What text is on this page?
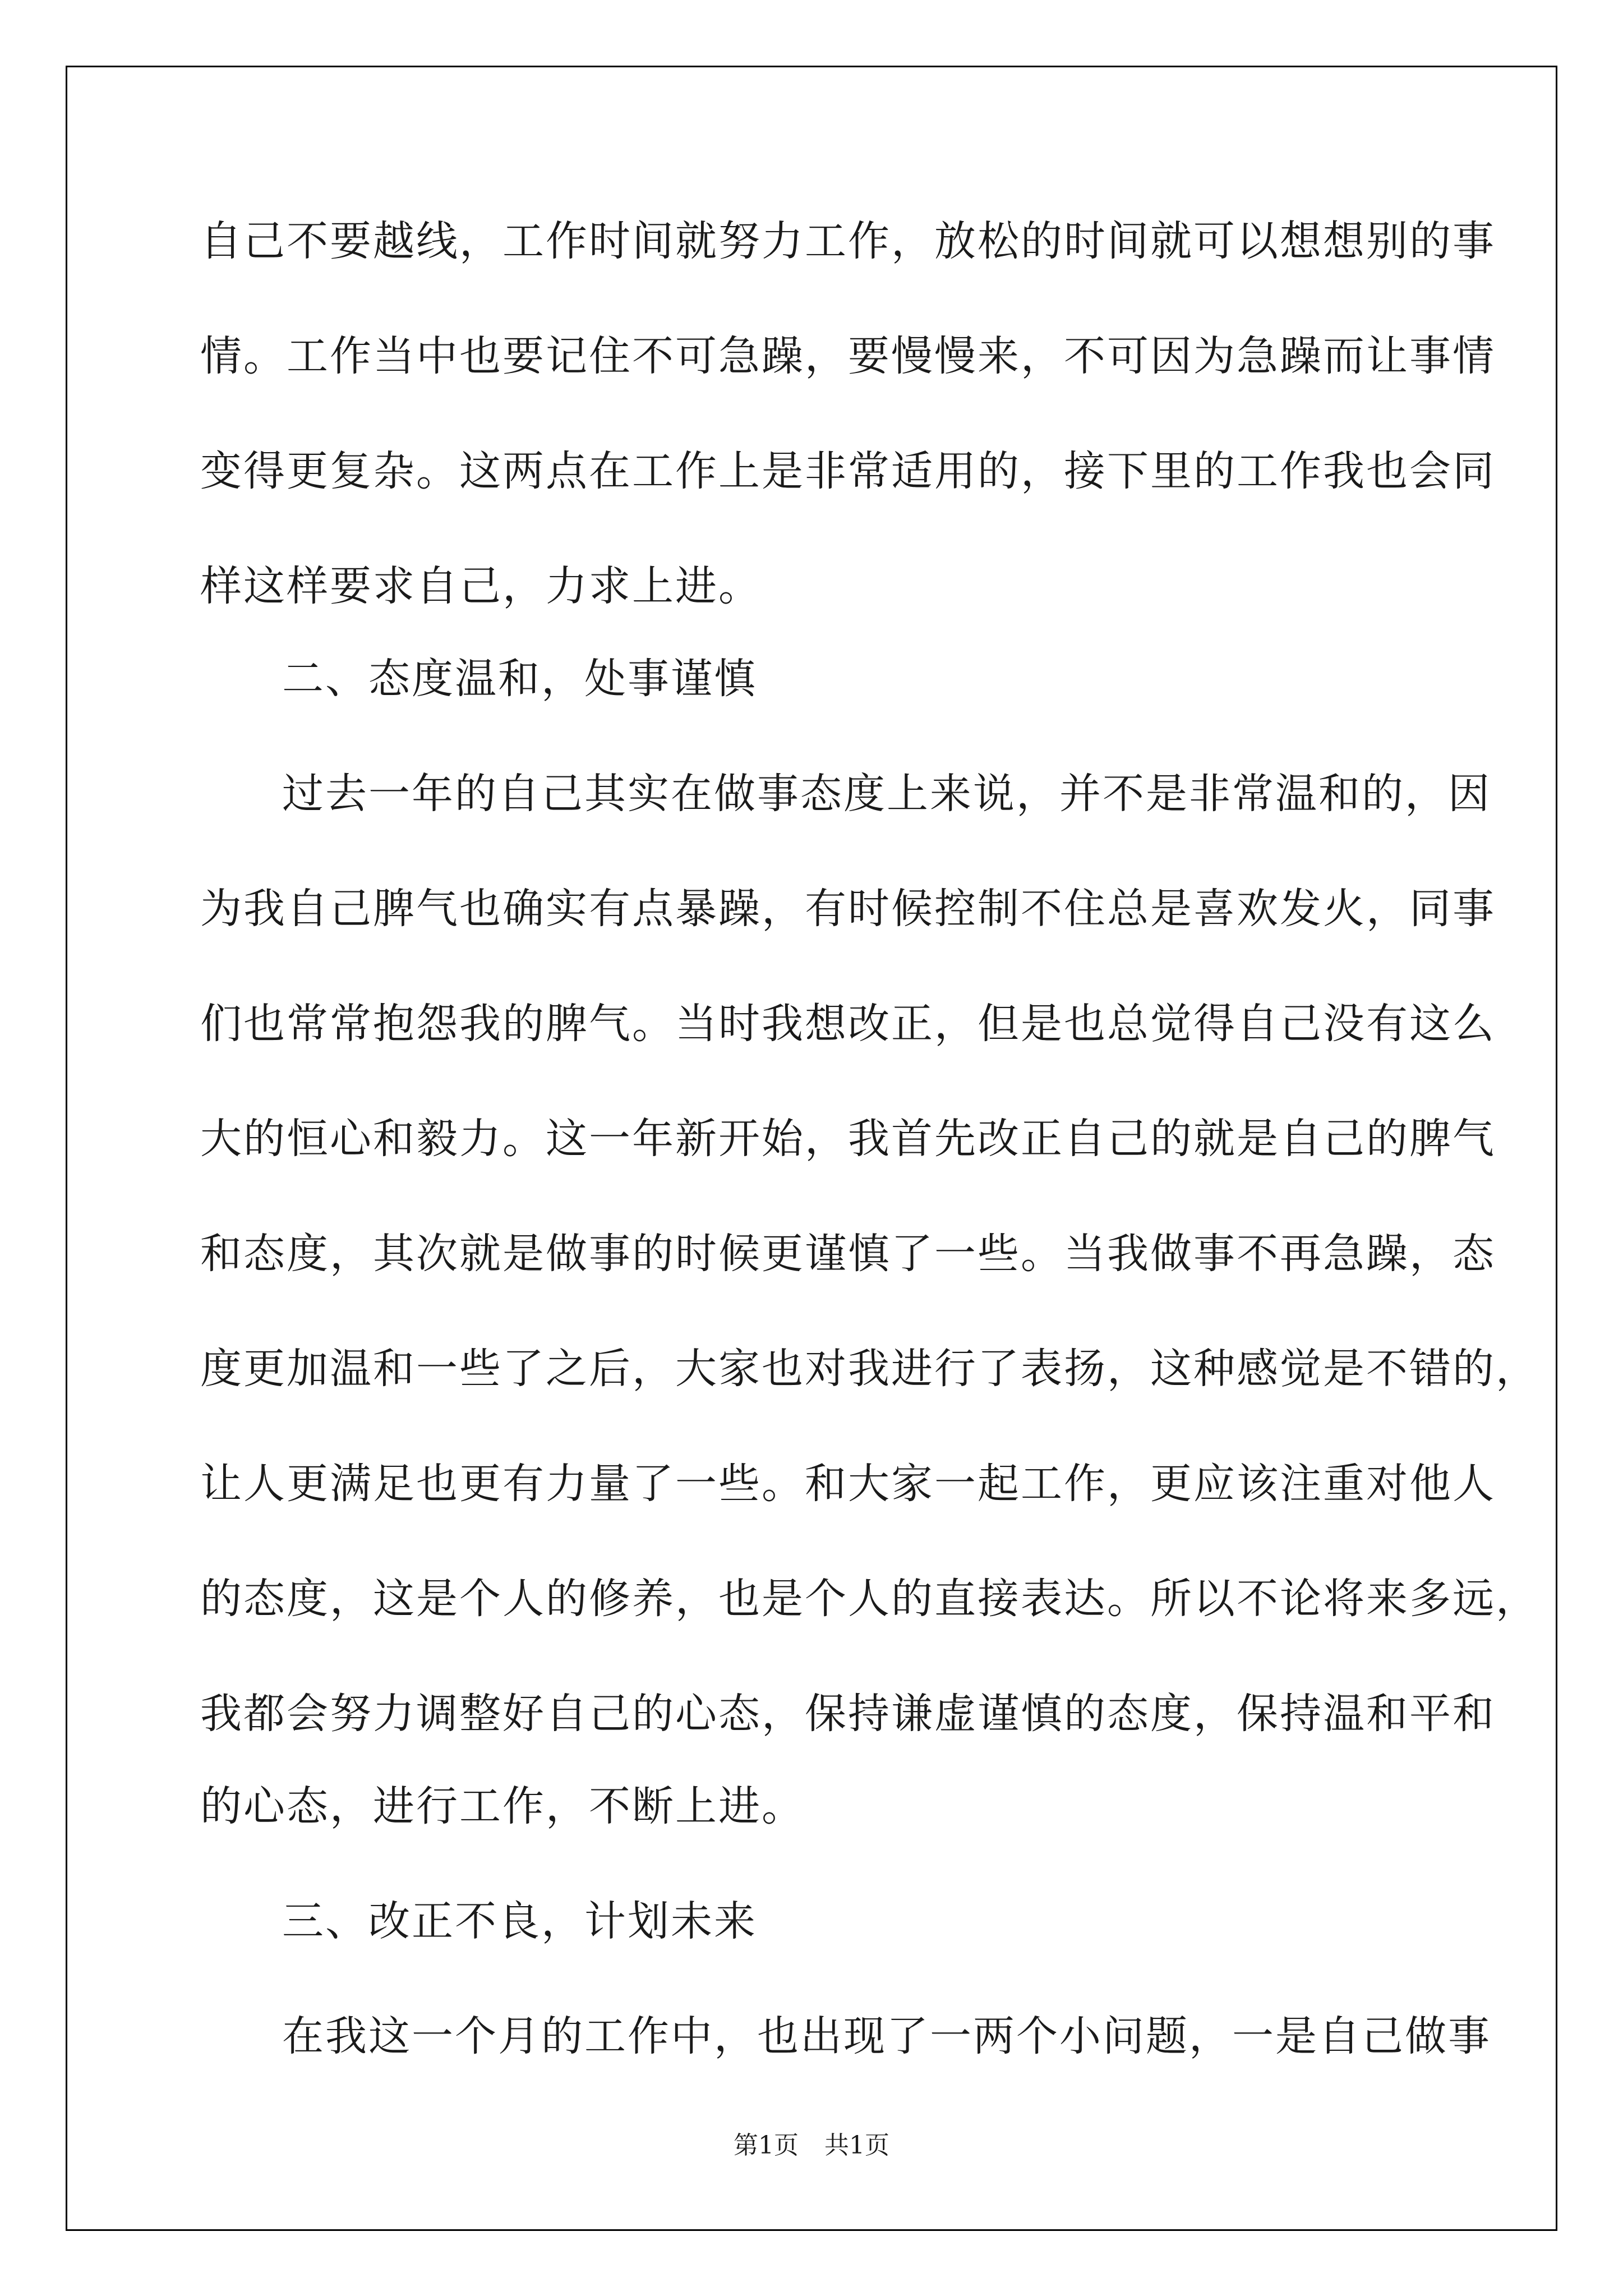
自己不要越线，工作时间就努力工作，放松的时间就可以想想别的事
情。工作当中也要记住不可急躁，要慢慢来，不可因为急躁而让事情
变得更复杂。这两点在工作上是非常适用的，接下里的工作我也会同
样这样要求自己，力求上进。
二、态度温和，处事谨慎
过去一年的自己其实在做事态度上来说，并不是非常温和的，因
为我自己脾气也确实有点暴躁，有时候控制不住总是喜欢发火，同事
们也常常抱怨我的脾气。当时我想改正，但是也总觉得自己没有这么
大的恒心和毅力。这一年新开始，我首先改正自己的就是自己的脾气
和态度，其次就是做事的时候更谨慎了一些。当我做事不再急躁，态
度更加温和一些了之后，大家也对我进行了表扬，这种感觉是不错的，
让人更满足也更有力量了一些。和大家一起工作，更应该注重对他人
的态度，这是个人的修养，也是个人的直接表达。所以不论将来多远，
我都会努力调整好自己的心态，保持谦虚谨慎的态度，保持温和平和
的心态，进行工作，不断上进。
三、改正不良，计划未来
在我这一个月的工作中，也出现了一两个小问题，一是自己做事
第1页 共1页
